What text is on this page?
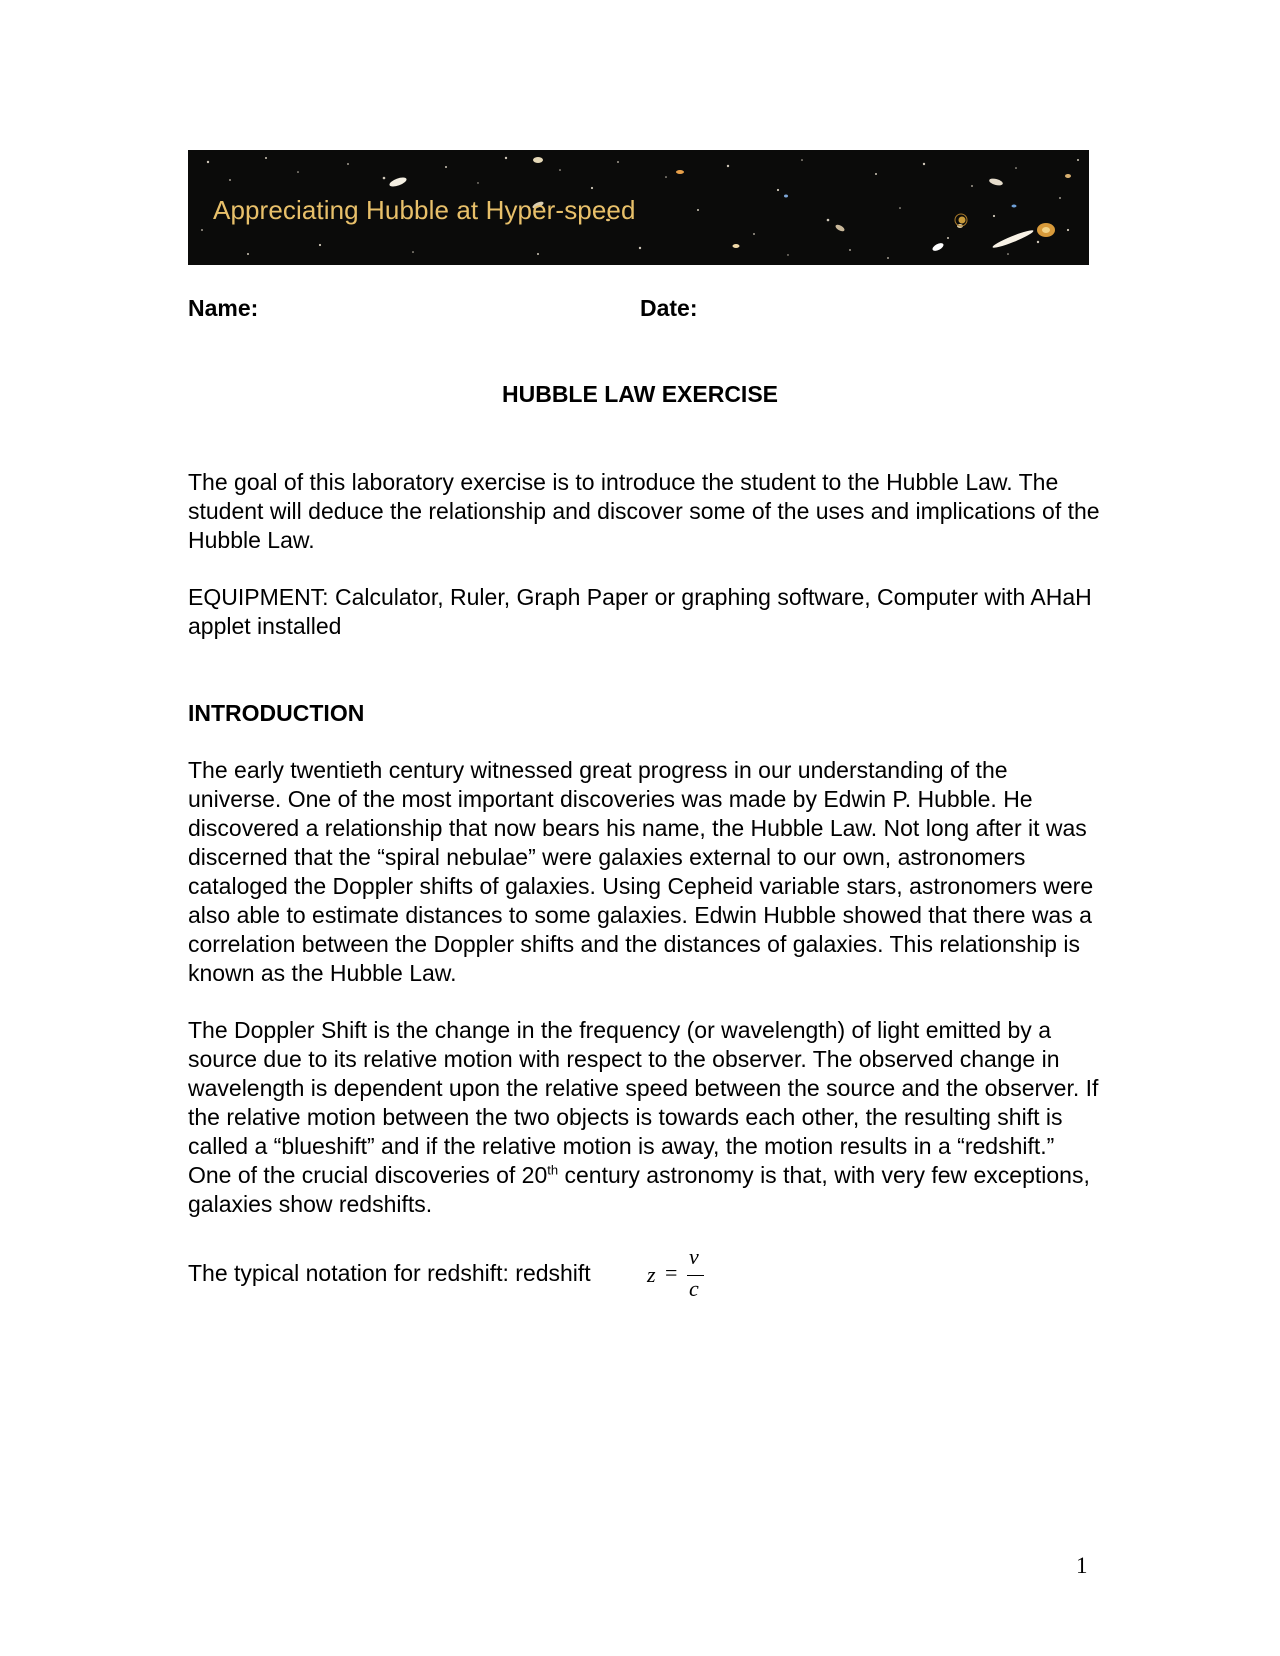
Appreciating Hubble at Hyper-speed
Name:	Date:
HUBBLE LAW EXERCISE

The goal of this laboratory exercise is to introduce the student to the Hubble Law. The student will deduce the relationship and discover some of the uses and implications of the Hubble Law.

EQUIPMENT: Calculator, Ruler, Graph Paper or graphing software, Computer with AHaH applet installed

INTRODUCTION

The early twentieth century witnessed great progress in our understanding of the universe. One of the most important discoveries was made by Edwin P. Hubble. He discovered a relationship that now bears his name, the Hubble Law. Not long after it was discerned that the “spiral nebulae” were galaxies external to our own, astronomers cataloged the Doppler shifts of galaxies. Using Cepheid variable stars, astronomers were also able to estimate distances to some galaxies. Edwin Hubble showed that there was a correlation between the Doppler shifts and the distances of galaxies. This relationship is known as the Hubble Law.

The Doppler Shift is the change in the frequency (or wavelength) of light emitted by a source due to its relative motion with respect to the observer. The observed change in wavelength is dependent upon the relative speed between the source and the observer. If the relative motion between the two objects is towards each other, the resulting shift is called a “blueshift” and if the relative motion is away, the motion results in a “redshift.” One of the crucial discoveries of 20th century astronomy is that, with very few exceptions, galaxies show redshifts.

The typical notation for redshift: redshift	z =
v
c
1
